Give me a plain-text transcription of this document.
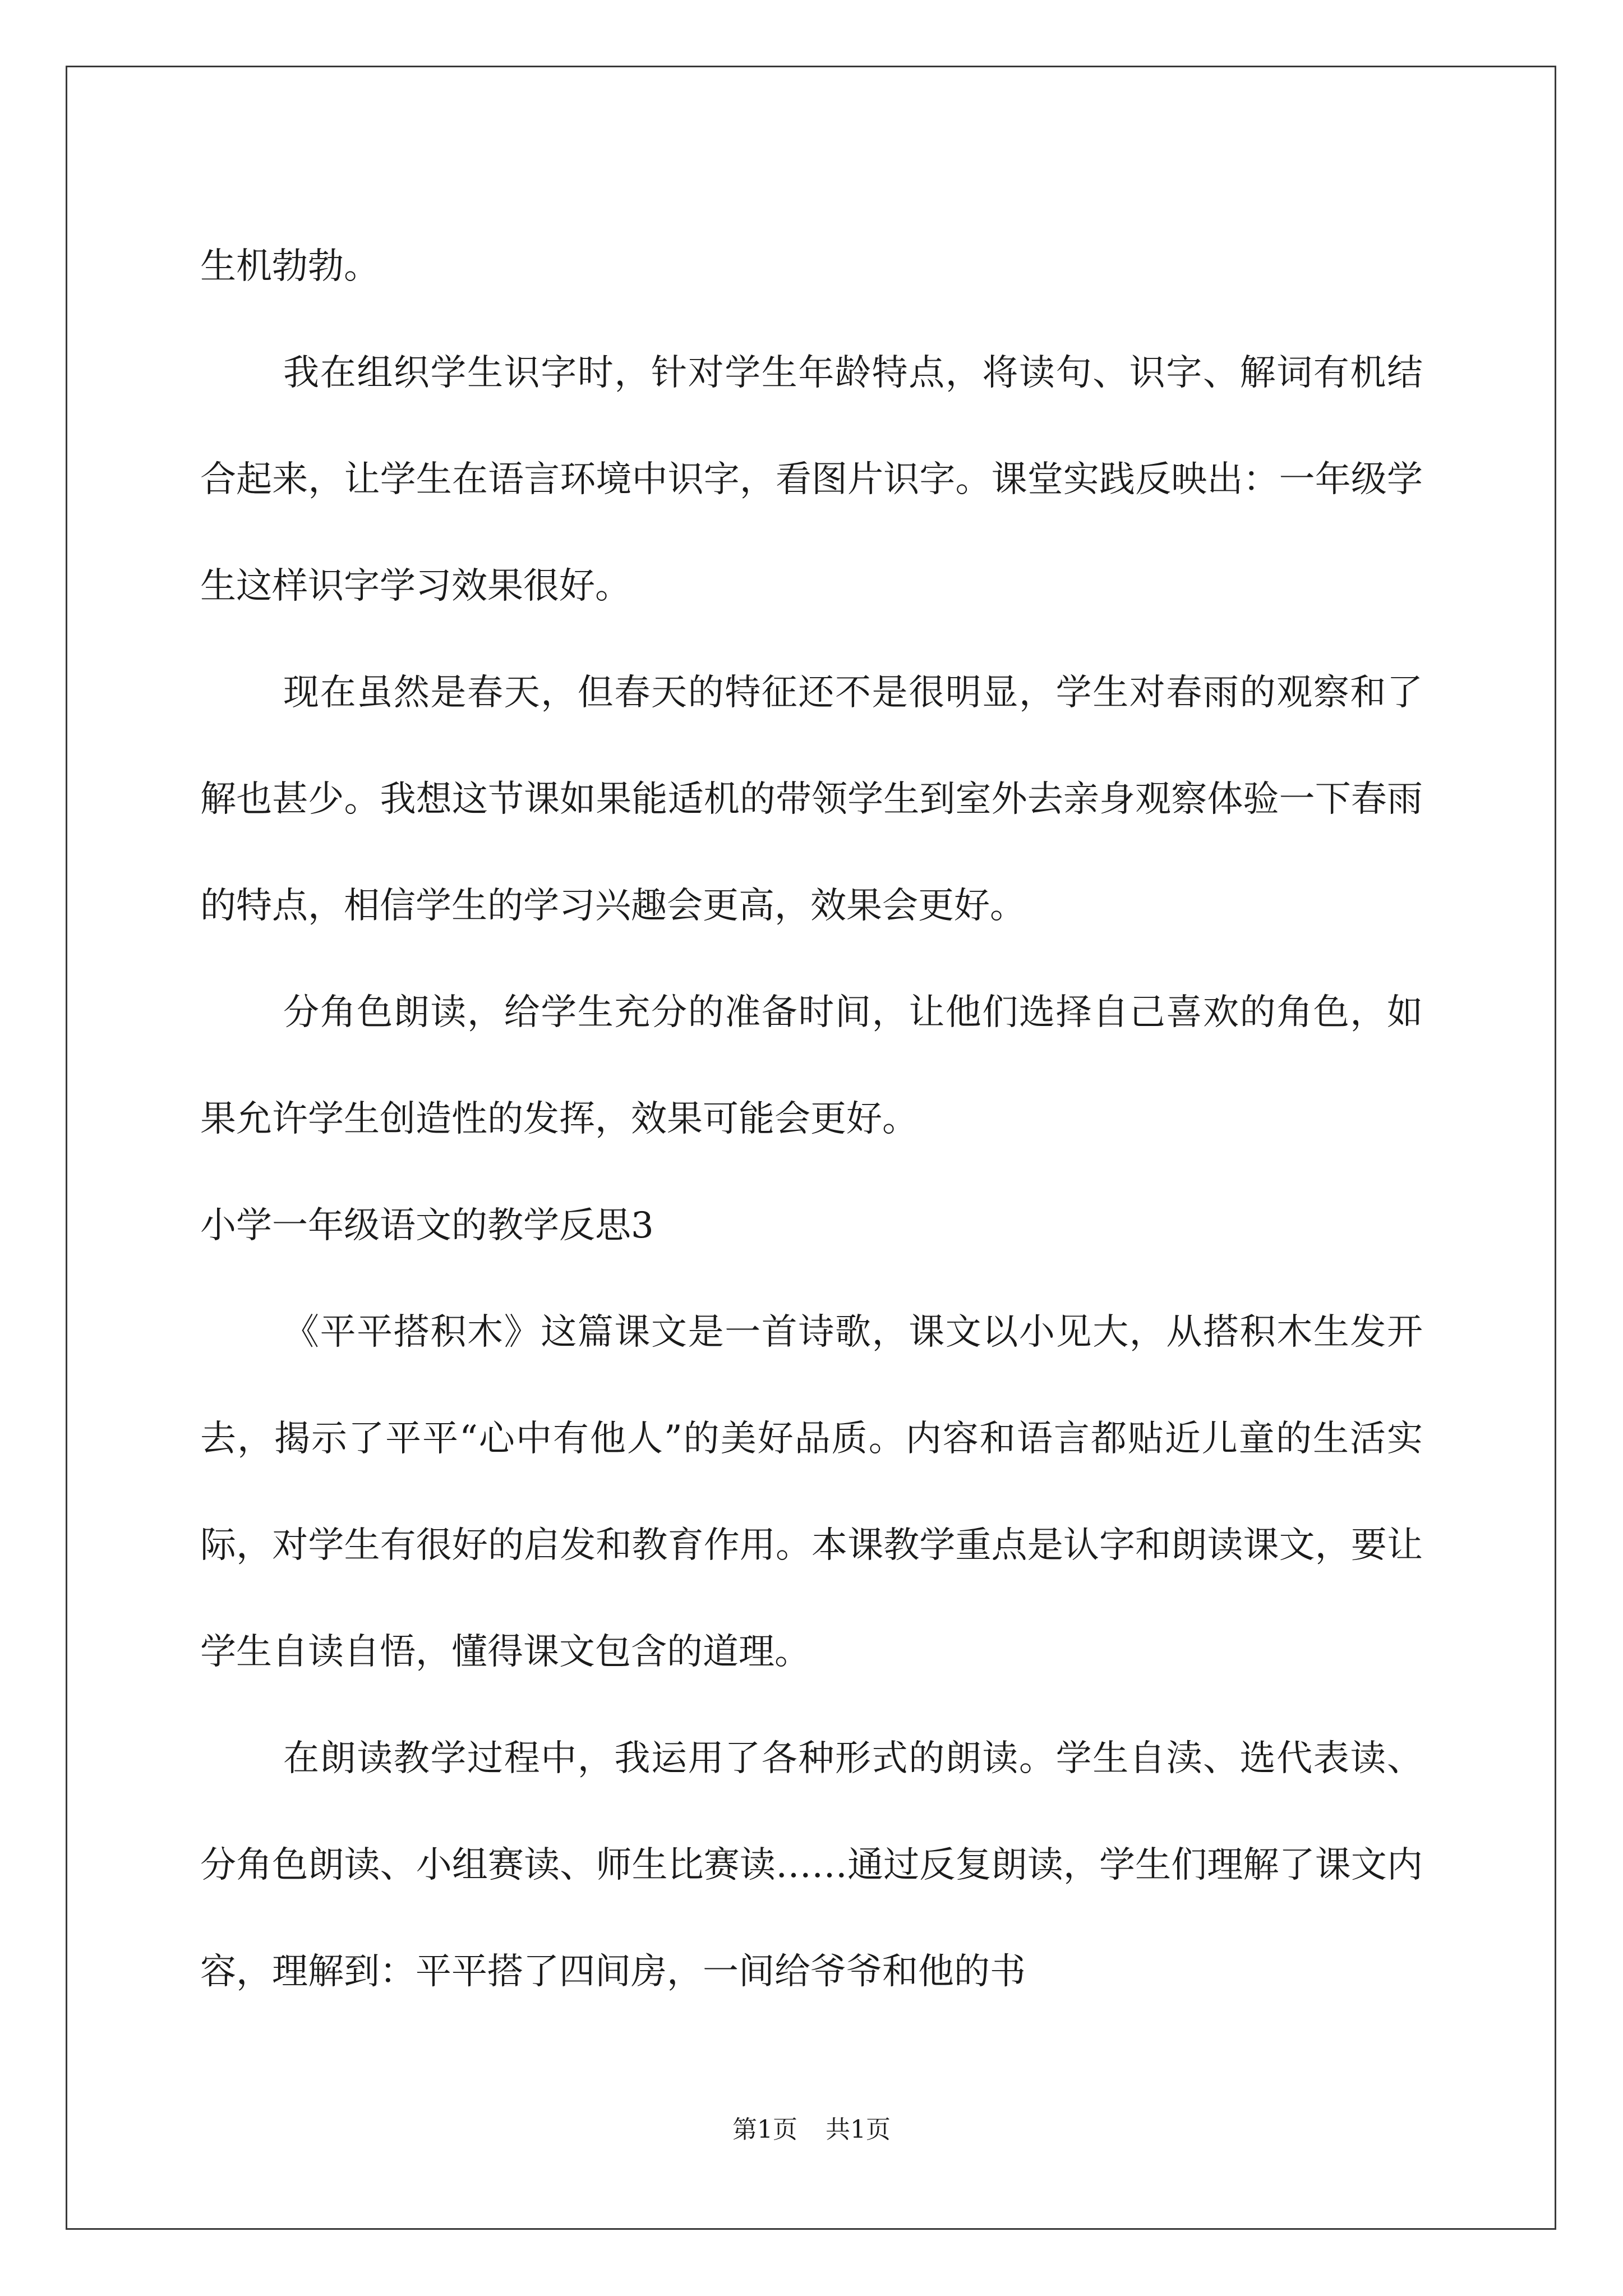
生机勃勃。

我在组织学生识字时，针对学生年龄特点，将读句、识字、解词有机结合起来，让学生在语言环境中识字，看图片识字。课堂实践反映出：一年级学生这样识字学习效果很好。

现在虽然是春天，但春天的特征还不是很明显，学生对春雨的观察和了解也甚少。我想这节课如果能适机的带领学生到室外去亲身观察体验一下春雨的特点，相信学生的学习兴趣会更高，效果会更好。

分角色朗读，给学生充分的准备时间，让他们选择自己喜欢的角色，如果允许学生创造性的发挥，效果可能会更好。

小学一年级语文的教学反思3

《平平搭积木》这篇课文是一首诗歌，课文以小见大，从搭积木生发开去，揭示了平平“心中有他人”的美好品质。内容和语言都贴近儿童的生活实际，对学生有很好的启发和教育作用。本课教学重点是认字和朗读课文，要让学生自读自悟，懂得课文包含的道理。

在朗读教学过程中，我运用了各种形式的朗读。学生自渎、选代表读、分角色朗读、小组赛读、师生比赛读……通过反复朗读，学生们理解了课文内容，理解到：平平搭了四间房，一间给爷爷和他的书

第1页 共1页
